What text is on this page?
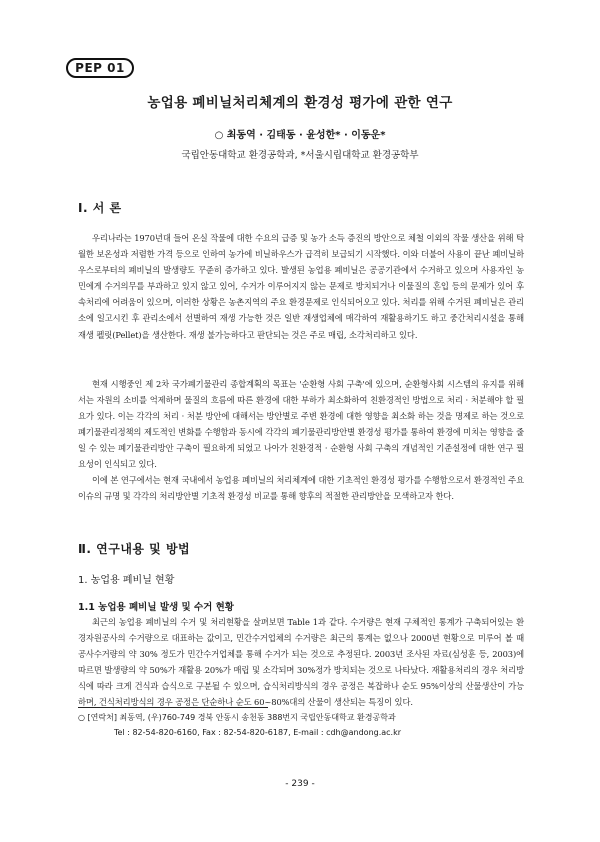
PEP 01
농업용 폐비닐처리체계의 환경성 평가에 관한 연구
○ 최동역 · 김태동 · 윤성한* · 이동운*
국립안동대학교 환경공학과, *서울시립대학교 환경공학부
Ⅰ. 서 론

우리나라는 1970년대 들어 온실 작물에 대한 수요의 급증 및 농가 소득 증진의 방안으로 체철 이외의 작물 생산을 위해 탁월한 보온성과 저렴한 가격 등으로 인하여 농가에 비닐하우스가 급격히 보급되기 시작했다. 이와 더불어 사용이 끝난 폐비닐하우스로부터의 폐비닐의 발생량도 꾸준히 증가하고 있다. 발생된 농업용 폐비닐은 공공기관에서 수거하고 있으며 사용자인 농민에게 수거의무를 부과하고 있지 않고 있어, 수거가 이루어지지 않는 문제로 방치되거나 이물질의 혼입 등의 문제가 있어 후속처리에 어려움이 있으며, 이러한 상황은 농촌지역의 주요 환경문제로 인식되어오고 있다. 처리를 위해 수거된 폐비닐은 관리소에 일고시킨 후 관리소에서 선별하여 재생 가능한 것은 일반 재생업체에 매각하여 재활용하기도 하고 중간처리시설을 통해 재생 펠릿(Pellet)을 생산한다. 재생 불가능하다고 판단되는 것은 주로 매립, 소각처리하고 있다.

현재 시행중인 제 2차 국가폐기물관리 종합계획의 목표는 '순환형 사회 구축'에 있으며, 순환형사회 시스템의 유지를 위해서는 자원의 소비를 억제하며 물질의 흐름에 따른 환경에 대한 부하가 최소화하여 친환경적인 방법으로 처리 · 처분해야 할 필요가 있다. 이는 각각의 처리 · 처분 방안에 대해서는 방안별로 주변 환경에 대한 영향을 최소화 하는 것을 명제로 하는 것으로 폐기물관리정책의 제도적인 변화를 수행함과 동시에 각각의 폐기물관리방안별 환경성 평가를 통하여 환경에 미치는 영향을 줄일 수 있는 폐기물관리방안 구축이 필요하게 되었고 나아가 친환경적 · 순환형 사회 구축의 개념적인 기준설정에 대한 연구 필요성이 인식되고 있다.

이에 본 연구에서는 현재 국내에서 농업용 폐비닐의 처리체계에 대한 기초적인 환경성 평가를 수행함으로서 환경적인 주요 이슈의 규명 및 각각의 처리방안별 기초적 환경성 비교를 통해 향후의 적절한 관리방안을 모색하고자 한다.

Ⅱ. 연구내용 및 방법
1. 농업용 폐비닐 현황
1.1 농업용 폐비닐 발생 및 수거 현황

최근의 농업용 폐비닐의 수거 및 처리현황을 살펴보면 Table 1과 같다. 수거량은 현재 구체적인 통계가 구축되어있는 환경자원공사의 수거량으로 대표하는 값이고, 민간수거업체의 수거량은 최근의 통계는 없으나 2000년 현황으로 미루어 볼 때 공사수거량의 약 30% 정도가 민간수거업체를 통해 수거가 되는 것으로 추정된다. 2003년 조사된 자료(심성훈 등, 2003)에 따르면 발생량의 약 50%가 재활용 20%가 매립 및 소각되며 30%정가 방치되는 것으로 나타났다. 재활용처리의 경우 처리방식에 따라 크게 건식과 습식으로 구분될 수 있으며, 습식처리방식의 경우 공정은 복잡하나 순도 95%이상의 산물생산이 가능하며, 건식처리방식의 경우 공정은 단순하나 순도 60~80%대의 산물이 생산되는 특징이 있다.

○ [연락처] 최동역, (우)760-749 경북 안동시 송천동 388번지 국립안동대학교 환경공학과
Tel : 82-54-820-6160, Fax : 82-54-820-6187, E-mail : cdh@andong.ac.kr
- 239 -
